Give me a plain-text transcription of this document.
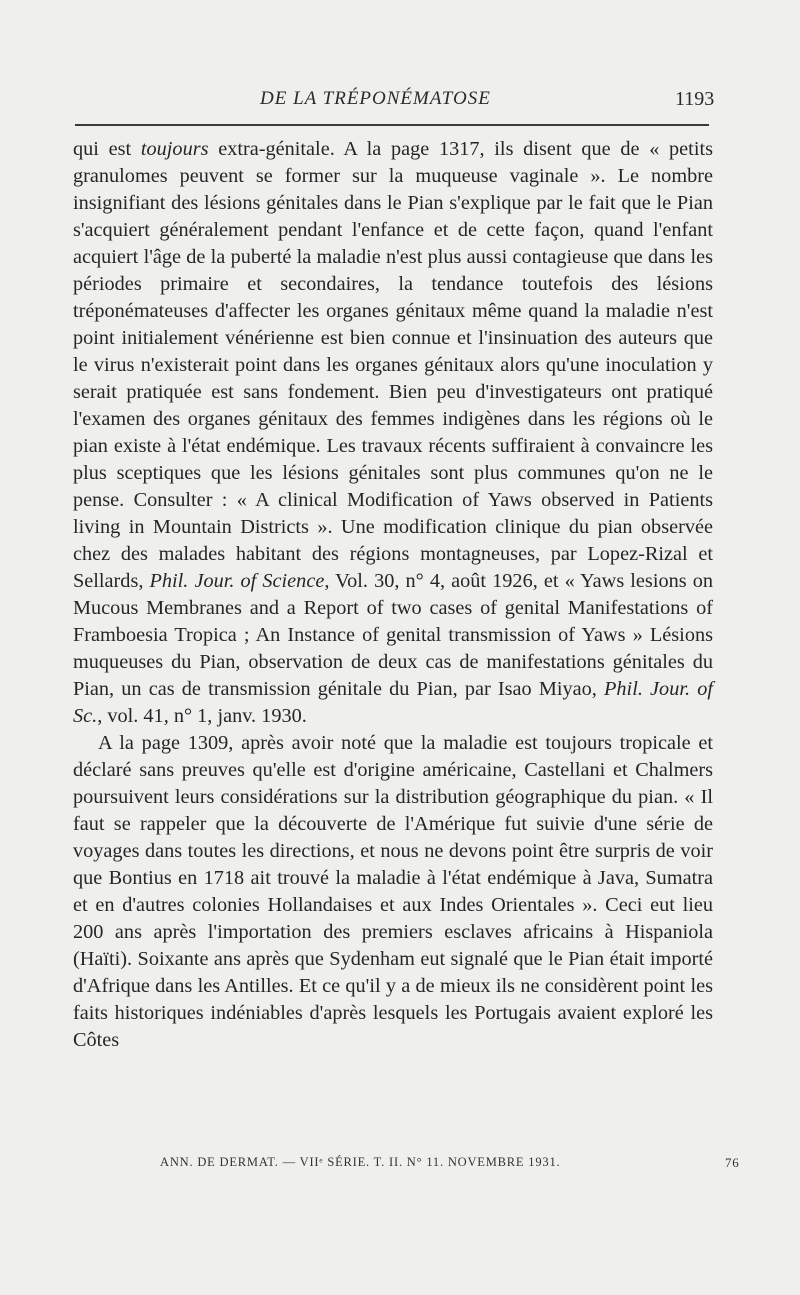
DE LA TRÉPONÉMATOSE	1193

qui est toujours extra-génitale. A la page 1317, ils disent que de « petits granulomes peuvent se former sur la muqueuse vaginale ». Le nombre insignifiant des lésions génitales dans le Pian s'explique par le fait que le Pian s'acquiert généralement pendant l'enfance et de cette façon, quand l'enfant acquiert l'âge de la puberté la maladie n'est plus aussi contagieuse que dans les périodes primaire et secondaires, la tendance toutefois des lésions tréponémateuses d'affecter les organes génitaux même quand la maladie n'est point initialement vénérienne est bien connue et l'insinuation des auteurs que le virus n'existerait point dans les organes génitaux alors qu'une inoculation y serait pratiquée est sans fondement. Bien peu d'investigateurs ont pratiqué l'examen des organes génitaux des femmes indigènes dans les régions où le pian existe à l'état endémique. Les travaux récents suffiraient à convaincre les plus sceptiques que les lésions génitales sont plus communes qu'on ne le pense. Consulter : « A clinical Modification of Yaws observed in Patients living in Mountain Districts ». Une modification clinique du pian observée chez des malades habitant des régions montagneuses, par Lopez-Rizal et Sellards, Phil. Jour. of Science, Vol. 30, n° 4, août 1926, et « Yaws lesions on Mucous Membranes and a Report of two cases of genital Manifestations of Framboesia Tropica ; An Instance of genital transmission of Yaws » Lésions muqueuses du Pian, observation de deux cas de manifestations génitales du Pian, un cas de transmission génitale du Pian, par Isao Miyao, Phil. Jour. of Sc., vol. 41, n° 1, janv. 1930.

A la page 1309, après avoir noté que la maladie est toujours tropicale et déclaré sans preuves qu'elle est d'origine américaine, Castellani et Chalmers poursuivent leurs considérations sur la distribution géographique du pian. « Il faut se rappeler que la découverte de l'Amérique fut suivie d'une série de voyages dans toutes les directions, et nous ne devons point être surpris de voir que Bontius en 1718 ait trouvé la maladie à l'état endémique à Java, Sumatra et en d'autres colonies Hollandaises et aux Indes Orientales ». Ceci eut lieu 200 ans après l'importation des premiers esclaves africains à Hispaniola (Haïti). Soixante ans après que Sydenham eut signalé que le Pian était importé d'Afrique dans les Antilles. Et ce qu'il y a de mieux ils ne considèrent point les faits historiques indéniables d'après lesquels les Portugais avaient exploré les Côtes

ANN. DE DERMAT. — VIIᵉ SÉRIE. T. II. N° 11. NOVEMBRE 1931.	76
